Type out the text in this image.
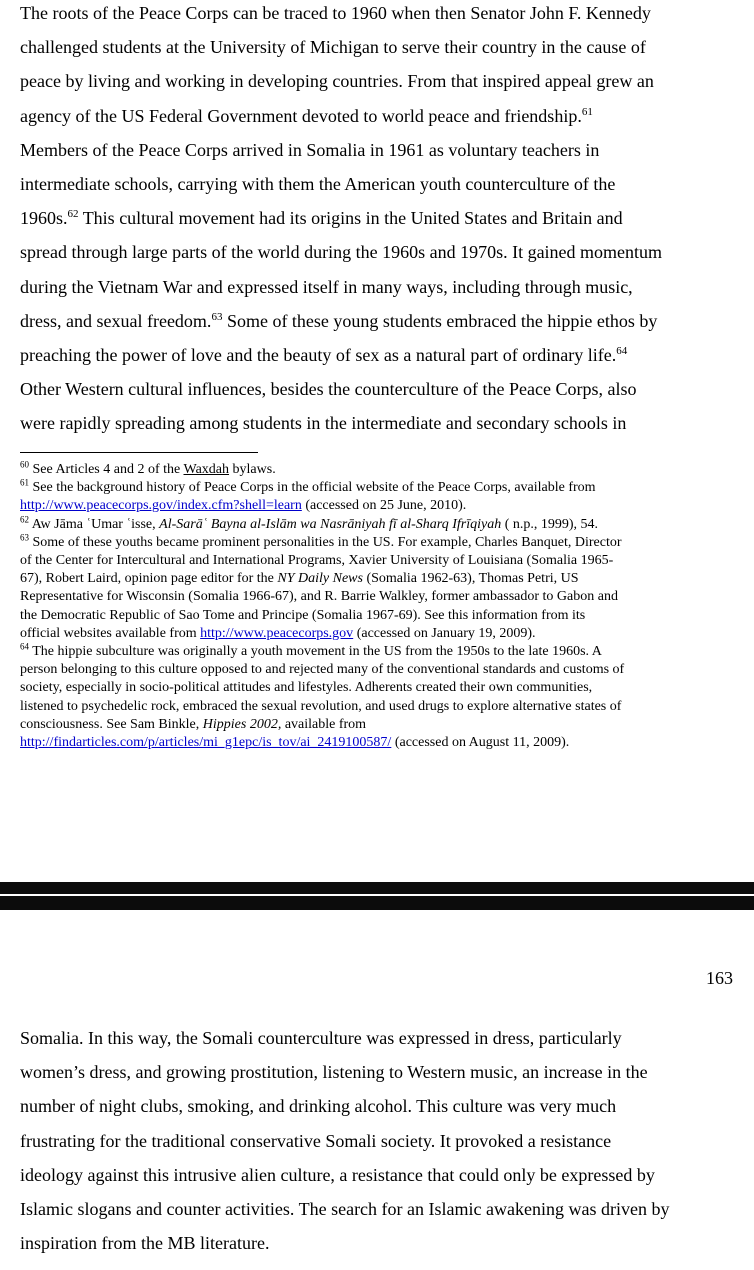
The roots of the Peace Corps can be traced to 1960 when then Senator John F. Kennedy
challenged students at the University of Michigan to serve their country in the cause of
peace by living and working in developing countries. From that inspired appeal grew an
agency of the US Federal Government devoted to world peace and friendship.$^{61}$
Members of the Peace Corps arrived in Somalia in 1961 as voluntary teachers in
intermediate schools, carrying with them the American youth counterculture of the
1960s.$^{62}$ This cultural movement had its origins in the United States and Britain and
spread through large parts of the world during the 1960s and 1970s. It gained momentum
during the Vietnam War and expressed itself in many ways, including through music,
dress, and sexual freedom.$^{63}$ Some of these young students embraced the hippie ethos by
preaching the power of love and the beauty of sex as a natural part of ordinary life.$^{64}$
Other Western cultural influences, besides the counterculture of the Peace Corps, also
were rapidly spreading among students in the intermediate and secondary schools in
$^{60}$ See Articles 4 and 2 of the Waxdah bylaws.
$^{61}$ See the background history of Peace Corps in the official website of the Peace Corps, available from
http://www.peacecorps.gov/index.cfm?shell=learn (accessed on 25 June, 2010).
$^{62}$ Aw Jāma ʿUmar ʿisse, Al-Sarāʿ Bayna al-Islām wa Nasrāniyah fī al-Sharq Ifrīqiyah ( n.p., 1999), 54.
$^{63}$ Some of these youths became prominent personalities in the US. For example, Charles Banquet, Director
of the Center for Intercultural and International Programs, Xavier University of Louisiana (Somalia 1965-
67), Robert Laird, opinion page editor for the NY Daily News (Somalia 1962-63), Thomas Petri, US
Representative for Wisconsin (Somalia 1966-67), and R. Barrie Walkley, former ambassador to Gabon and
the Democratic Republic of Sao Tome and Principe (Somalia 1967-69). See this information from its
official websites available from http://www.peacecorps.gov (accessed on January 19, 2009).
$^{64}$ The hippie subculture was originally a youth movement in the US from the 1950s to the late 1960s. A
person belonging to this culture opposed to and rejected many of the conventional standards and customs of
society, especially in socio-political attitudes and lifestyles. Adherents created their own communities,
listened to psychedelic rock, embraced the sexual revolution, and used drugs to explore alternative states of
consciousness. See Sam Binkle, Hippies 2002, available from
http://findarticles.com/p/articles/mi_g1epc/is_tov/ai_2419100587/ (accessed on August 11, 2009).
163
Somalia. In this way, the Somali counterculture was expressed in dress, particularly
women’s dress, and growing prostitution, listening to Western music, an increase in the
number of night clubs, smoking, and drinking alcohol. This culture was very much
frustrating for the traditional conservative Somali society. It provoked a resistance
ideology against this intrusive alien culture, a resistance that could only be expressed by
Islamic slogans and counter activities. The search for an Islamic awakening was driven by
inspiration from the MB literature.
